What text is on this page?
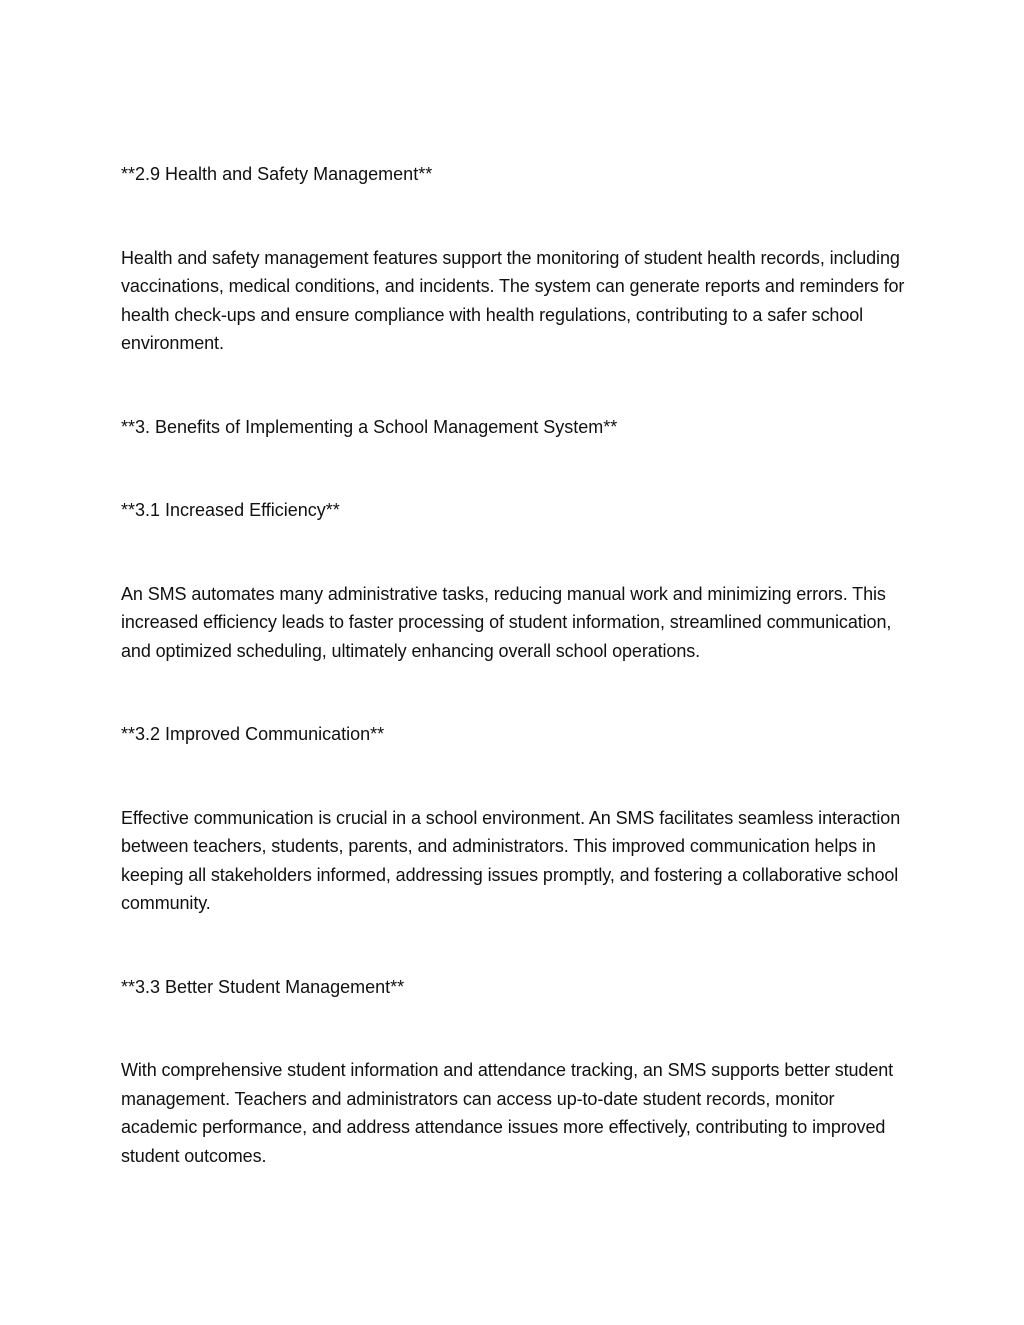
**2.9 Health and Safety Management**

Health and safety management features support the monitoring of student health records, including vaccinations, medical conditions, and incidents. The system can generate reports and reminders for health check-ups and ensure compliance with health regulations, contributing to a safer school environment.

**3. Benefits of Implementing a School Management System**

**3.1 Increased Efficiency**

An SMS automates many administrative tasks, reducing manual work and minimizing errors. This increased efficiency leads to faster processing of student information, streamlined communication, and optimized scheduling, ultimately enhancing overall school operations.

**3.2 Improved Communication**

Effective communication is crucial in a school environment. An SMS facilitates seamless interaction between teachers, students, parents, and administrators. This improved communication helps in keeping all stakeholders informed, addressing issues promptly, and fostering a collaborative school community.

**3.3 Better Student Management**

With comprehensive student information and attendance tracking, an SMS supports better student management. Teachers and administrators can access up-to-date student records, monitor academic performance, and address attendance issues more effectively, contributing to improved student outcomes.
